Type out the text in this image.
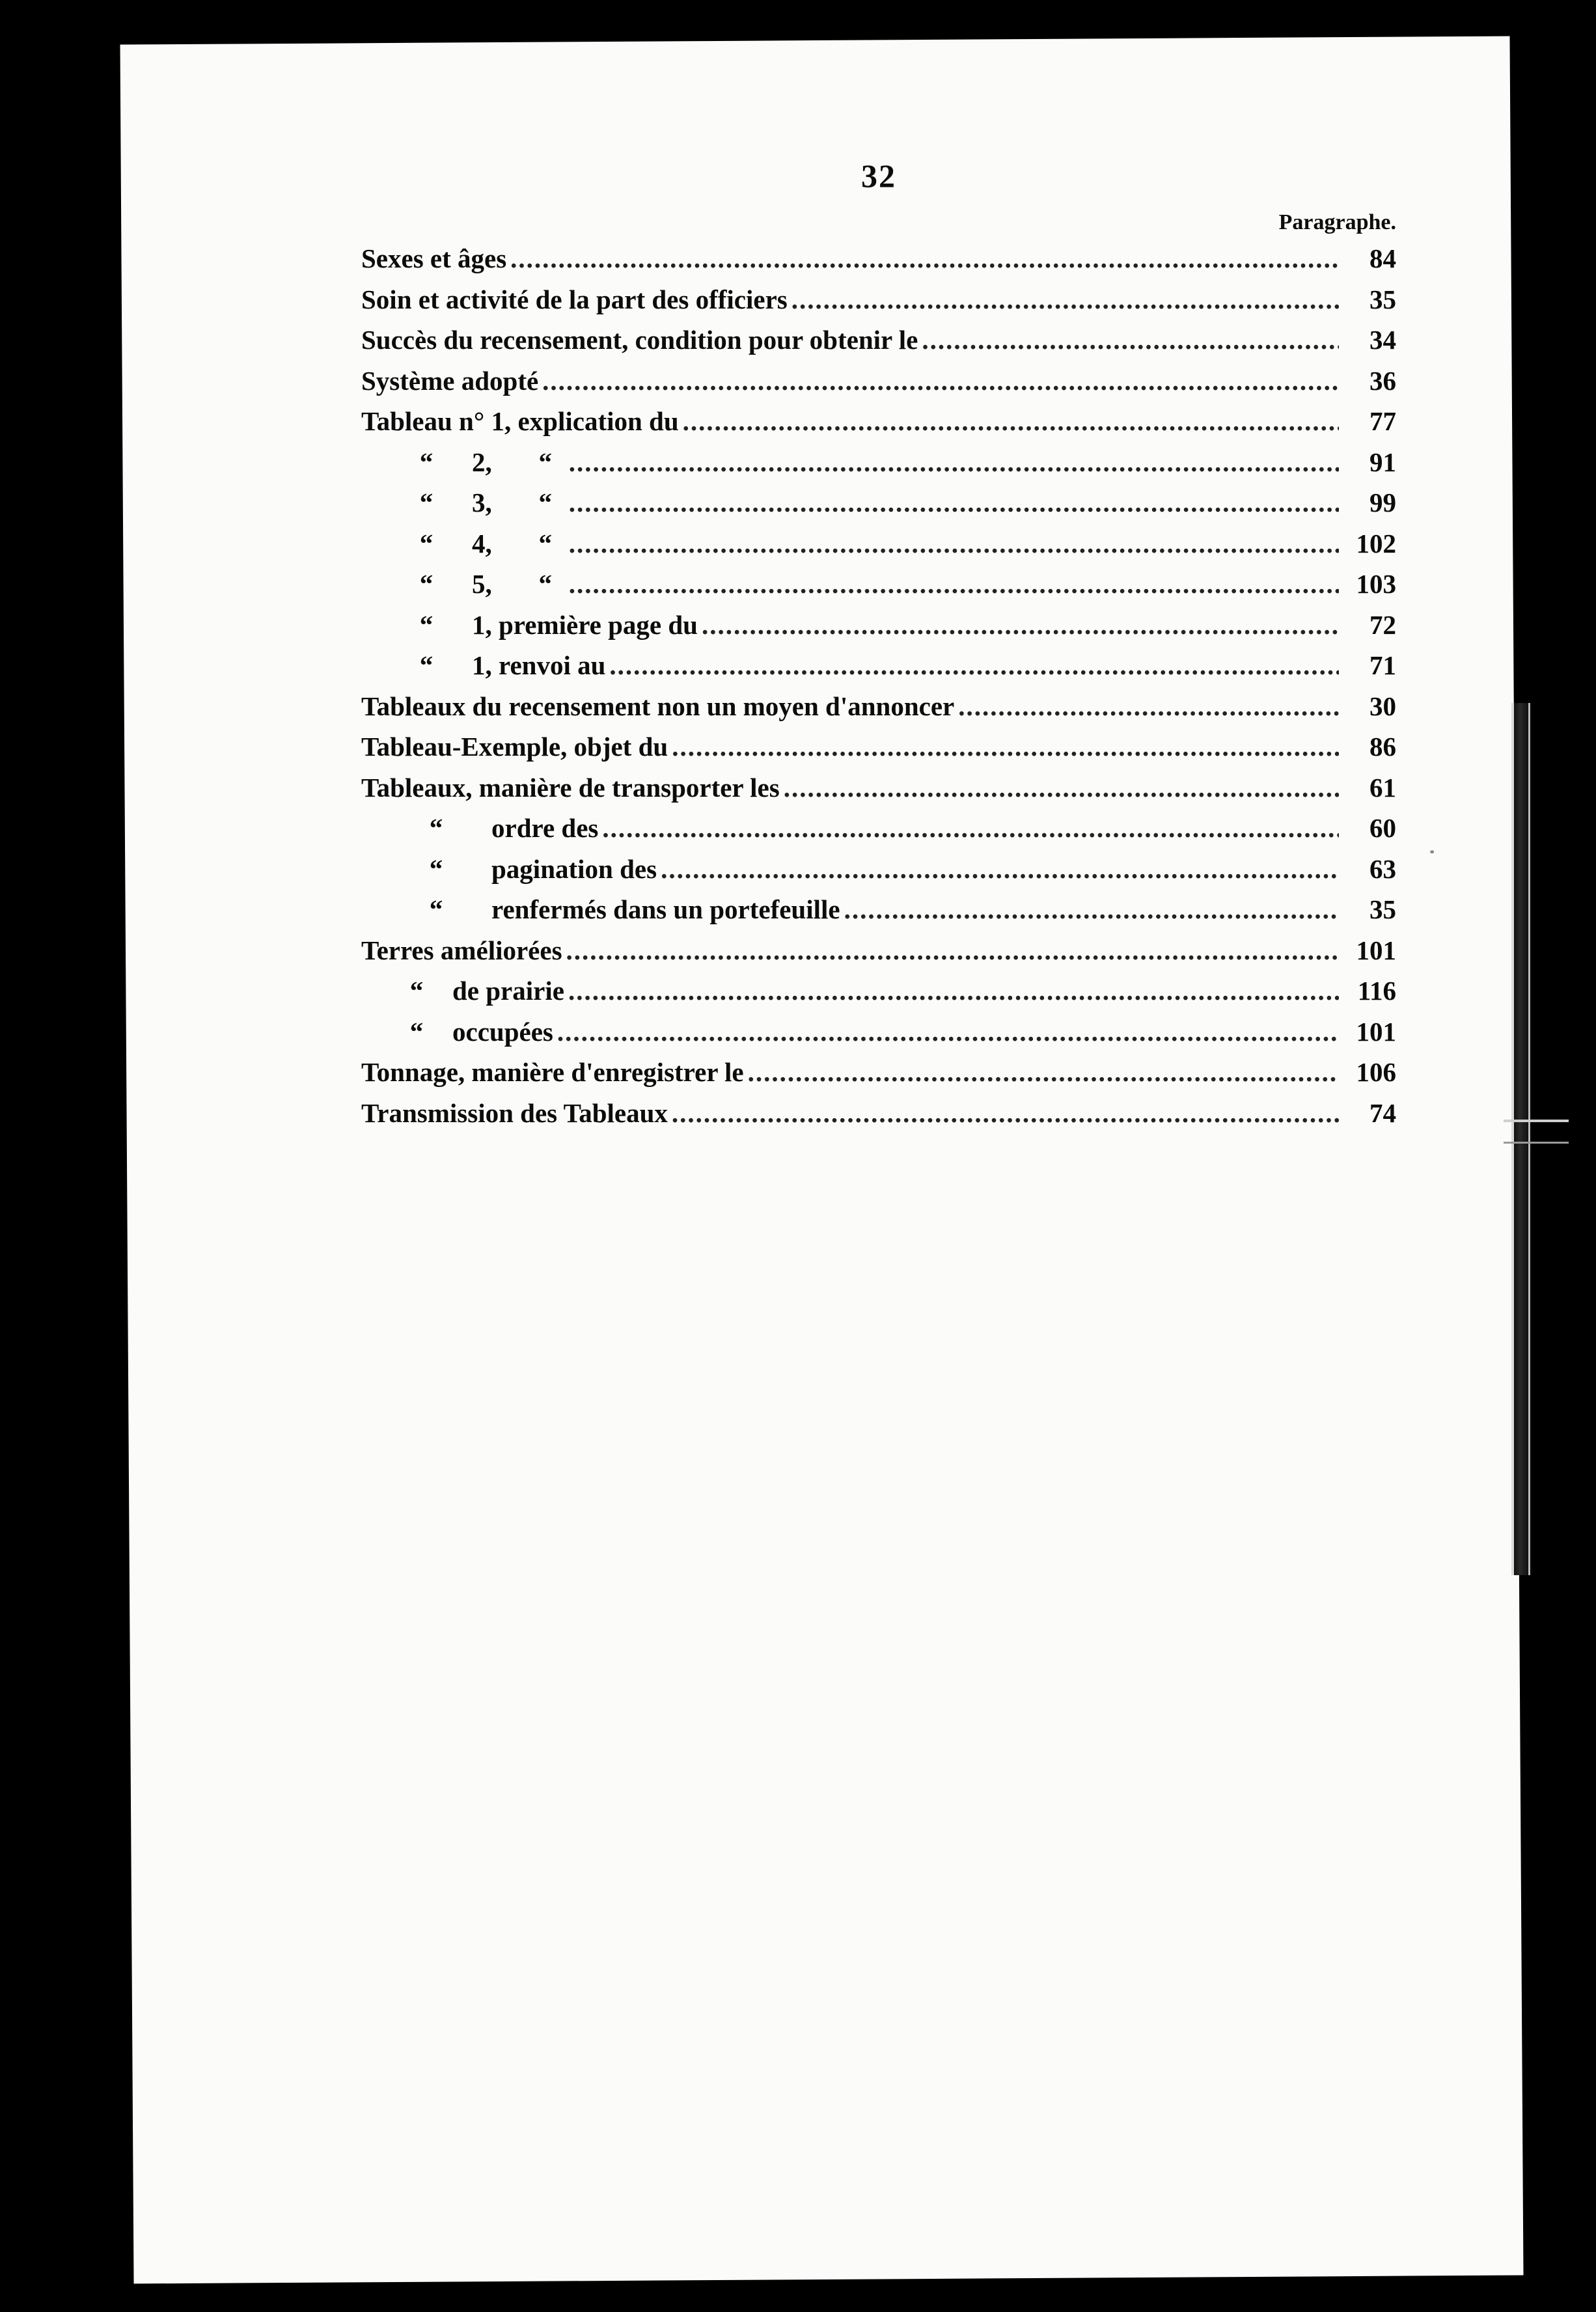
32
Paragraphe.
Sexes et âges .....	84
Soin et activité de la part des officiers .....	35
Succès du recensement, condition pour obtenir le .....	34
Système adopté .....	36
Tableau n° 1, explication du .....	77
“	2,	“ .....	91
“	3,	“ .....	99
“	4,	“ .....	102
“	5,	“ .....	103
“	1, première page du .....	72
“	1, renvoi au .....	71
Tableaux du recensement non un moyen d'annoncer .....	30
Tableau-Exemple, objet du .....	86
Tableaux, manière de transporter les .....	61
“	ordre des .....	60
“	pagination des .....	63
“	renfermés dans un portefeuille .....	35
Terres améliorées .....	101
“	de prairie .....	116
“	occupées .....	101
Tonnage, manière d'enregistrer le .....	106
Transmission des Tableaux .....	74
